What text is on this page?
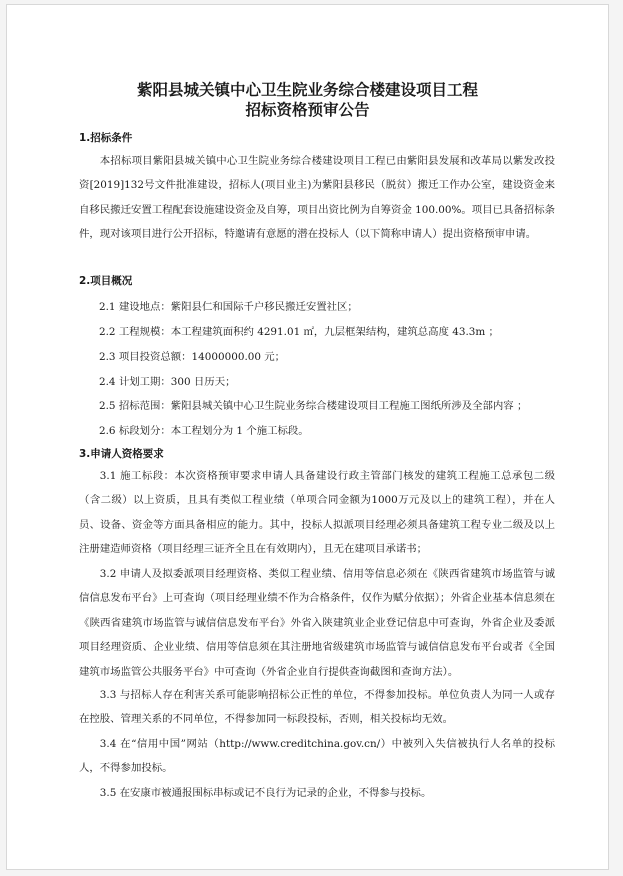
紫阳县城关镇中心卫生院业务综合楼建设项目工程
招标资格预审公告
1.招标条件
本招标项目紫阳县城关镇中心卫生院业务综合楼建设项目工程已由紫阳县发展和改革局以紫发改投资[2019]132号文件批准建设，招标人(项目业主)为紫阳县移民（脱贫）搬迁工作办公室，建设资金来自移民搬迁安置工程配套设施建设资金及自筹，项目出资比例为自筹资金 100.00%。项目已具备招标条件，现对该项目进行公开招标，特邀请有意愿的潜在投标人（以下简称申请人）提出资格预审申请。
2.项目概况
2.1 建设地点：紫阳县仁和国际千户移民搬迁安置社区；
2.2 工程规模：本工程建筑面积约 4291.01 ㎡，九层框架结构，建筑总高度 43.3m ；
2.3 项目投资总额：14000000.00 元；
2.4 计划工期：300 日历天；
2.5 招标范围：紫阳县城关镇中心卫生院业务综合楼建设项目工程施工图纸所涉及全部内容 ；
2.6 标段划分：本工程划分为 1 个施工标段。
3.申请人资格要求
3.1 施工标段：本次资格预审要求申请人具备建设行政主管部门核发的建筑工程施工总承包二级（含二级）以上资质，且具有类似工程业绩（单项合同金额为1000万元及以上的建筑工程），并在人员、设备、资金等方面具备相应的能力。其中，投标人拟派项目经理必须具备建筑工程专业二级及以上注册建造师资格（项目经理三证齐全且在有效期内），且无在建项目承诺书；
3.2 申请人及拟委派项目经理资格、类似工程业绩、信用等信息必须在《陕西省建筑市场监管与诚信信息发布平台》上可查询（项目经理业绩不作为合格条件，仅作为赋分依据）；外省企业基本信息须在《陕西省建筑市场监管与诚信信息发布平台》外省入陕建筑业企业登记信息中可查询，外省企业及委派项目经理资质、企业业绩、信用等信息须在其注册地省级建筑市场监管与诚信信息发布平台或者《全国建筑市场监管公共服务平台》中可查询（外省企业自行提供查询截图和查询方法）。
3.3 与招标人存在利害关系可能影响招标公正性的单位，不得参加投标。单位负责人为同一人或存在控股、管理关系的不同单位，不得参加同一标段投标，否则，相关投标均无效。
3.4 在“信用中国”网站（http://www.creditchina.gov.cn/）中被列入失信被执行人名单的投标人，不得参加投标。
3.5 在安康市被通报围标串标或记不良行为记录的企业，不得参与投标。
